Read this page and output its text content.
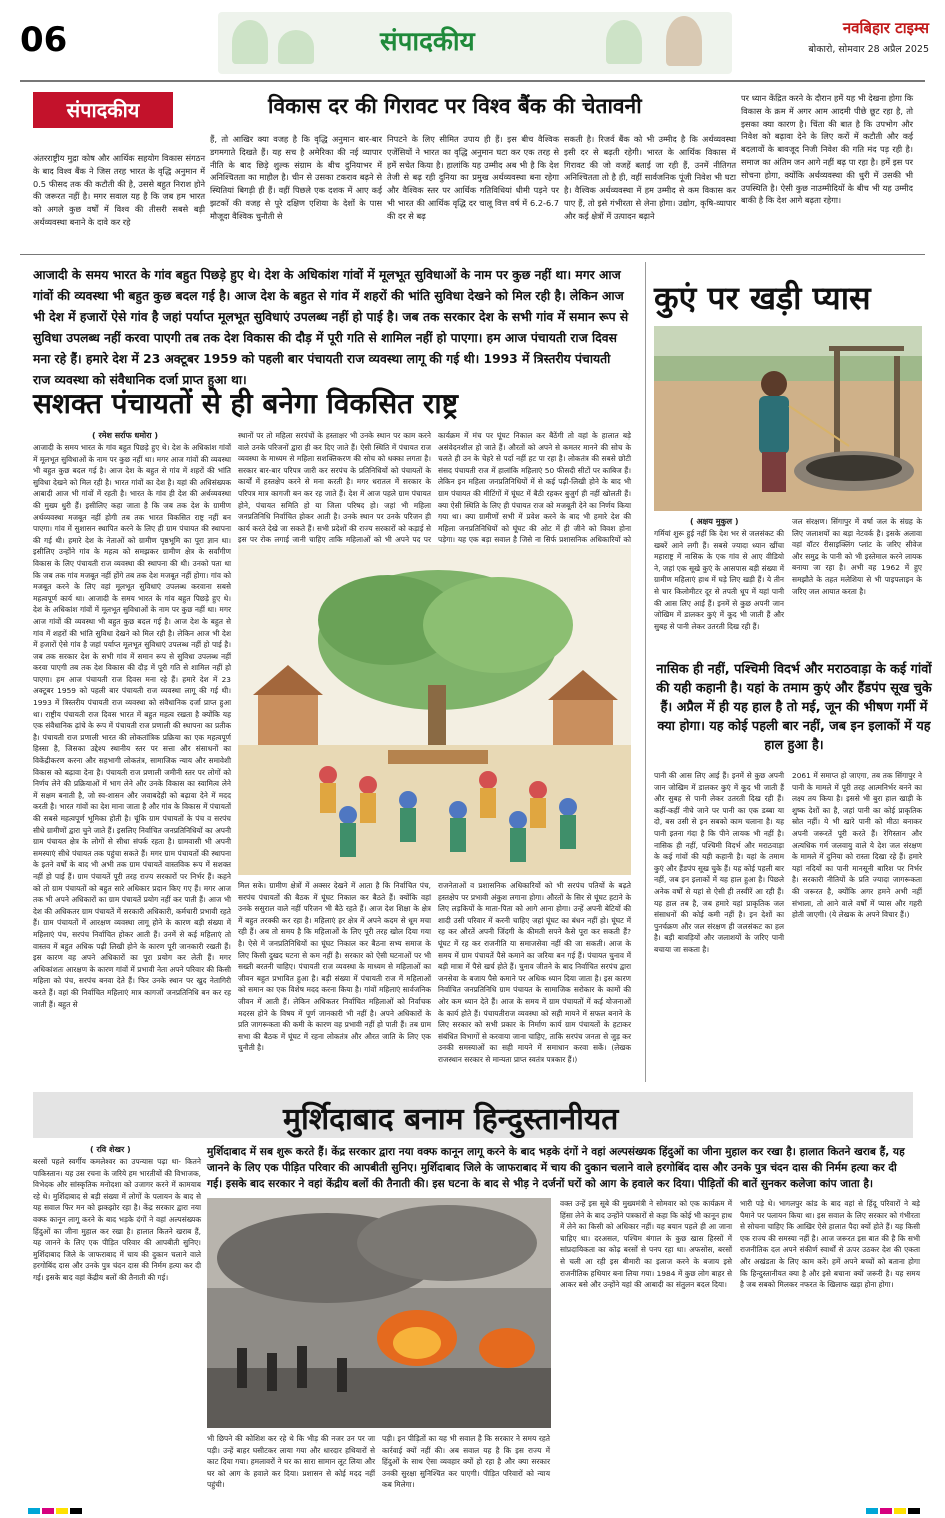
06	संपादकीय	नवबिहार टाइम्स
बोकारो, सोमवार 28 अप्रैल 2025
संपादकीय	विकास दर की गिरावट पर विश्व बैंक की चेतावनी
अंतरराष्ट्रीय मुद्रा कोष और आर्थिक सहयोग विकास संगठन के बाद विश्व बैंक ने जिस तरह भारत के वृद्धि अनुमान में 0.5 फीसद तक की कटौती की है, उससे बहुत निराश होने की जरूरत नहीं है। मगर सवाल यह है कि जब हम भारत को अगले कुछ वर्षों में विश्व की तीसरी सबसे बड़ी अर्थव्यवस्था बनाने के दावे कर रहे
हैं, तो आखिर क्या वजह है कि वृद्धि अनुमान बार-बार डगमगाते दिखते हैं। यह सच है अमेरिका की नई व्यापार नीति के बाद छिड़े शुल्क संग्राम के बीच दुनियाभर में अनिश्चितता का माहौल है। चीन से उसका टकराव बढ़ने से स्थितियां बिगड़ी ही हैं। वहीं पिछले एक दशक में आए कई झटकों की वजह से पूरे दक्षिण एशिया के देशों के पास मौजूदा वैश्विक चुनौती से
निपटने के लिए सीमित उपाय ही हैं। इस बीच वैश्विक एजेंसियों ने भारत का वृद्धि अनुमान घटा कर एक तरह से हमें सचेत किया है। हालांकि यह उम्मीद अब भी है कि देश तेजी से बढ़ रही दुनिया का प्रमुख अर्थव्यवस्था बना रहेगा और वैश्विक स्तर पर आर्थिक गतिविधियां धीमी पड़ने पर भी भारत की आर्थिक वृद्धि दर चालू वित्त वर्ष में 6.2-6.7 की दर से बढ़
सकती है। रिजर्व बैंक को भी उम्मीद है कि अर्थव्यवस्था इसी दर से बढ़ती रहेगी। भारत के आर्थिक विकास में गिरावट की जो वजहें बताई जा रही हैं, उनमें नीतिगत अनिश्चितता तो है ही, वहीं सार्वजनिक पूंजी निवेश भी घटा है। वैश्विक अर्थव्यवस्था में हम उम्मीद से कम विकास कर पाए हैं, तो इसे गंभीरता से लेना होगा। उद्योग, कृषि-व्यापार और कई क्षेत्रों में उत्पादन बढ़ाने
पर ध्यान केंद्रित करने के दौरान हमें यह भी देखना होगा कि विकास के क्रम में अगर आम आदमी पीछे छूट रहा है, तो इसका क्या कारण है। चिंता की बात है कि उपभोग और निवेश को बढ़ावा देने के लिए करों में कटौती और कई बदलावों के बावजूद निजी निवेश की गति मंद पड़ रही है। समाज का अंतिम जन आगे नहीं बढ़ पा रहा है। हमें इस पर सोचना होगा, क्योंकि अर्थव्यवस्था की धुरी में उसकी भी उपस्थिति है। ऐसी कुछ नाउम्मीदियों के बीच भी यह उम्मीद बाकी है कि देश आगे बढ़ता रहेगा।
आजादी के समय भारत के गांव बहुत पिछड़े हुए थे। देश के अधिकांश गांवों में मूलभूत सुविधाओं के नाम पर कुछ नहीं था। मगर आज गांवों की व्यवस्था भी बहुत कुछ बदल गई है। आज देश के बहुत से गांव में शहरों की भांति सुविधा देखने को मिल रही है। लेकिन आज भी देश में हजारों ऐसे गांव है जहां पर्याप्त मूलभूत सुविधाएं उपलब्ध नहीं हो पाई है। जब तक सरकार देश के सभी गांव में समान रूप से सुविधा उपलब्ध नहीं करवा पाएगी तब तक देश विकास की दौड़ में पूरी गति से शामिल नहीं हो पाएगा। हम आज पंचायती राज दिवस मना रहे हैं। हमारे देश में 23 अक्टूबर 1959 को पहली बार पंचायती राज व्यवस्था लागू की गई थी। 1993 में त्रिस्तरीय पंचायती राज व्यवस्था को संवैधानिक दर्जा प्राप्त हुआ था।
सशक्त पंचायतों से ही बनेगा विकसित राष्ट्र
( रमेश सर्राफ धमोरा )
आजादी के समय भारत के गांव बहुत पिछड़े हुए थे। देश के अधिकांश गांवों में मूलभूत सुविधाओं के नाम पर कुछ नहीं था। मगर आज गांवों की व्यवस्था भी बहुत कुछ बदल गई है। आज देश के बहुत से गांव में शहरों की भांति सुविधा देखने को मिल रही है। भारत गांवों का देश है। यहां की अधिसंख्यक आबादी आज भी गांवों में रहती है। भारत के गांव ही देश की अर्थव्यवस्था की मुख्य धुरी हैं। इसीलिए कहा जाता है कि जब तक देश के ग्रामीण अर्थव्यवस्था मजबूत नहीं होगी तब तक भारत विकसित राष्ट्र नहीं बन पाएगा। गांव में सुशासन स्थापित करने के लिए ही ग्राम पंचायत की स्थापना की गई थी। हमारे देश के नेताओं को ग्रामीण पृष्ठभूमि का पूरा ज्ञान था। इसीलिए उन्होंने गांव के महत्व को समझकर ग्रामीण क्षेत्र के सर्वांगीण विकास के लिए पंचायती राज व्यवस्था की स्थापना की थी। उनको पता था कि जब तक गांव मजबूत नहीं होंगे तब तक देश मजबूत नहीं होगा। गांव को मजबूत करने के लिए वहां मूलभूत सुविधाएं उपलब्ध करवाना सबसे महत्वपूर्ण कार्य था। आजादी के समय भारत के गांव बहुत पिछड़े हुए थे। देश के अधिकांश गांवों में मूलभूत सुविधाओं के नाम पर कुछ नहीं था। मगर आज गांवों की व्यवस्था भी बहुत कुछ बदल गई है। आज देश के बहुत से गांव में शहरों की भांति सुविधा देखने को मिल रही है। लेकिन आज भी देश में हजारों ऐसे गांव है जहां पर्याप्त मूलभूत सुविधाएं उपलब्ध नहीं हो पाई है। जब तक सरकार देश के सभी गांव में समान रूप से सुविधा उपलब्ध नहीं करवा पाएगी तब तक देश विकास की दौड़ में पूरी गति से शामिल नहीं हो पाएगा। हम आज पंचायती राज दिवस मना रहे हैं। हमारे देश में 23 अक्टूबर 1959 को पहली बार पंचायती राज व्यवस्था लागू की गई थी। 1993 में त्रिस्तरीय पंचायती राज व्यवस्था को संवैधानिक दर्जा प्राप्त हुआ था। राष्ट्रीय पंचायती राज दिवस भारत में बहुत महत्व रखता है क्योंकि यह एक संवैधानिक ढ़ांचे के रूप में पंचायती राज प्रणाली की स्थापना का प्रतीक है। पंचायती राज प्रणाली भारत की लोकतांत्रिक प्रक्रिया का एक महत्वपूर्ण हिस्सा है, जिसका उद्देश्य स्थानीय स्तर पर सत्ता और संसाधनों का विकेंद्रीकरण करना और सहभागी लोकतंत्र, सामाजिक न्याय और समावेशी विकास को बढ़ावा देना है। पंचायती राज प्रणाली जमीनी स्तर पर लोगों को निर्णय लेने की प्रक्रियाओं में भाग लेने और उनके विकास का स्वामित्व लेने में सक्षम बनाती है, जो स्व-शासन और जवाबदेही को बढ़ावा देने में मदद करती है। भारत गांवों का देश माना जाता है और गांव के विकास में पंचायतों की सबसे महत्वपूर्ण भूमिका होती है। चूंकि ग्राम पंचायतों के पंच व सरपंच सीधे ग्रामीणों द्वारा चुने जाते हैं। इसलिए निर्वाचित जनप्रतिनिधियों का अपनी ग्राम पंचायत क्षेत्र के लोगों से सीधा संपर्क रहता है। ग्रामवासी भी अपनी समस्याएं सीधे पंचायत तक पहुंचा सकते हैं। मगर ग्राम पंचायतों की स्थापना के इतने वर्षों के बाद भी अभी तक ग्राम पंचायतें वास्तविक रूप में सशक्त नहीं हो पाई हैं। ग्राम पंचायतें पूरी तरह राज्य सरकारों पर निर्भर हैं। कहने को तो ग्राम पंचायतों को बहुत सारे अधिकार प्रदान किए गए हैं। मगर आज तक भी अपने अधिकारों का ग्राम पंचायतें प्रयोग नहीं कर पाती हैं। आज भी देश की अधिकतर ग्राम पंचायतें में सरकारी अधिकारी, कर्मचारी प्रभावी रहते हैं। ग्राम पंचायतों में आरक्षण व्यवस्था लागू होने के कारण बड़ी संख्या में महिलाएं पंच, सरपंच निर्वाचित होकर आती हैं। उनमें से कई महिलाएं तो वास्तव में बहुत अधिक पढ़ी लिखी होने के कारण पूरी जानकारी रखती हैं। इस कारण वह अपने अधिकारों का पूरा प्रयोग कर लेती हैं। मगर अधिकांशतः आरक्षण के कारण गांवों में प्रभावी नेता अपने परिवार की किसी महिला को पंच, सरपंच बनवा देते हैं। फिर उनके स्थान पर खुद नेतागिरी करते हैं। वहां की निर्वाचित महिलाएं मात्र कागजों जनप्रतिनिधि बन कर रह जाती हैं। बहुत से
स्थानों पर तो महिला सरपंचों के हस्ताक्षर भी उनके स्थान पर काम करने वाले उनके परिजनों द्वारा ही कर दिए जाते हैं। ऐसी स्थिति में पंचायत राज व्यवस्था के माध्यम से महिला सशक्तिकरण की सोच को धक्का लगता है। सरकार बार-बार परिपत्र जारी कर सरपंच के प्रतिनिधियों को पंचायतों के कार्यों में हस्तक्षेप करने से मना करती है। मगर धरातल में सरकार के परिपत्र मात्र कागजी बन कर रह जाते हैं। देश में आज पहले ग्राम पंचायत होने, पंचायत समिति हो या जिला परिषद हो। जहां भी महिला जनप्रतिनिधि निर्वाचित होकर आती है। उनके स्थान पर उनके परिजन ही कार्य करते देखे जा सकते हैं। सभी प्रदेशों की राज्य सरकारों को कड़ाई से इस पर रोक लगाई जानी चाहिए ताकि महिलाओं को भी अपने पद पर
कार्यक्रम में मंच पर घूंघट निकाल कर बैठेंगी तो वहां के हालात बड़े असंवेदनशील हो जाते हैं। औरतों को अपने से कमतर मानने की सोच के चलते ही उन के चेहरे से पर्दा नहीं हट पा रहा है। लोकतंत्र की सबसे छोटी संसद पंचायती राज में हालांकि महिलाएं 50 फीसदी सीटों पर काबिज हैं। लेकिन इन महिला जनप्रतिनिधियों में से कई पढ़ी-लिखी होने के बाद भी ग्राम पंचायत की मीटिंगों में घूंघट में बैठी रहकर बुजुर्ग ही नहीं खोलती हैं। क्या ऐसी स्थिति के लिए ही पंचायत राज को मजबूती देने का निर्णय किया गया था। क्या ग्रामीणों सभी में प्रवेश करने के बाद भी हमारे देश की महिला जनप्रतिनिधियों को घूंघट की ओट में ही जीने को विवश होना पड़ेगा। यह एक बड़ा सवाल है जिसे ना सिर्फ प्रशासनिक अधिकारियों को
मिल सके। ग्रामीण क्षेत्रों में अक्सर देखने में आता है कि निर्वाचित पंच, सरपंच पंचायतों की बैठक में घूंघट निकाल कर बैठते हैं। क्योंकि वहां उनके ससुराल वाले नहीं परिजन भी बैठे रहते हैं। आज देश शिक्षा के क्षेत्र में बहुत तरक्की कर रहा है। महिलाएं हर क्षेत्र में अपने कदम से धूम मचा रही हैं। अब तो समय है कि महिलाओं के लिए पूरी तरह खोल दिया गया है। ऐसे में जनप्रतिनिधियों का घूंघट निकाल कर बैठना सभ्य समाज के लिए किसी दुखद घटना से कम नहीं है। सरकार को ऐसी घटनाओं पर भी सख्ती बरतनी चाहिए। पंचायती राज व्यवस्था के माध्यम से महिलाओं का जीवन बहुत प्रभावित हुआ है। बड़ी संख्या में पंचायती राज में महिलाओं को समान का एक विशेष मदद करना किया है। गांवों महिलाएं सार्वजनिक जीवन में आती हैं। लेकिन अधिकतर निर्वाचित महिलाओं को निर्वाचक मदरस होने के विषय में पूर्ण जानकारी भी नहीं है। अपने अधिकारों के प्रति जागरूकता की कमी के कारण वह प्रभावी नहीं हो पाती हैं। तब ग्राम सभा की बैठक में घूंघट में रहना लोकतंत्र और औरत जाति के लिए एक चुनौती है।
राजनेताओं व प्रशासनिक अधिकारियों को भी सरपंच पतियों के बढ़ते हस्तक्षेप पर प्रभावी अंकुश लगाना होगा। औरतों के सिर से घूंघट हटाने के लिए लड़कियों के माता-पिता को आगे आना होगा। उन्हें अपनी बेटियों की शादी उसी परिवार में करनी चाहिए जहां घूंघट का बंधन नहीं हो। घूंघट में रह कर औरतें अपनी जिंदगी के कीमती सपने कैसे पूरा कर सकती हैं? घूंघट में रह कर राजनीति या समाजसेवा नहीं की जा सकती। आज के समय में ग्राम पंचायतें पैसे कमाने का जरिया बन गई हैं। पंचायत चुनाव में बड़ी मात्रा में पैसे खर्च होते हैं। चुनाव जीतने के बाद निर्वाचित सरपंच द्वारा जनसेवा के बजाय पैसे कमाने पर अधिक ध्यान दिया जाता है। इस कारण निर्वाचित जनप्रतिनिधि ग्राम पंचायत के सामाजिक सरोकार के कामों की ओर कम ध्यान देते हैं। आज के समय में ग्राम पंचायतों में कई योजनाओं के कार्य होते हैं। पंचायतीराज व्यवस्था को सही मायने में सफल बनाने के लिए सरकार को सभी प्रकार के निर्माण कार्य ग्राम पंचायतों के हटाकर संबंधित विभागों से करवाया जाना चाहिए, ताकि सरपंच जनता से जुड़ कर उनकी समस्याओं का सही मायने में समाधान करवा सकें। (लेखक राजस्थान सरकार से मान्यता प्राप्त स्वतंत्र पत्रकार हैं।)
कुएं पर खड़ी प्यास
( अक्षय मुकुल )
गर्मियां शुरू हुई नहीं कि देश भर से जलसंकट की खबरें आने लगी हैं। सबसे ज्यादा ध्यान खींचा महाराष्ट्र में नासिक के एक गांव से आए वीडियो ने, जहां एक सूखे कुएं के आसपास बड़ी संख्या में ग्रामीण महिलाएं हाथ में घड़े लिए खड़ी हैं। ये तीन से चार किलोमीटर दूर से तपती धूप में यहां पानी की आस लिए आई हैं। इनमें से कुछ अपनी जान जोखिम में डालकर कुएं में कूद भी जाती हैं और सुबह से पानी लेकर उतरती दिख रही हैं।
जल संरक्षण। सिंगापुर में वर्षा जल के संग्रह के लिए जलाशयों का बड़ा नेटवर्क है। इसके अलावा वहां वॉटर रीसाइक्लिंग प्लांट के जरिए सीवेज और समुद्र के पानी को भी इस्तेमाल करने लायक बनाया जा रहा है। अभी वह 1962 में हुए समझौते के तहत मलेशिया से भी पाइपलाइन के जरिए जल आयात करता है।
नासिक ही नहीं, पश्चिमी विदर्भ और मराठवाड़ा के कई गांवों की यही कहानी है। यहां के तमाम कुएं और हैंडपंप सूख चुके हैं। अप्रैल में ही यह हाल है तो मई, जून की भीषण गर्मी में क्या होगा। यह कोई पहली बार नहीं, जब इन इलाकों में यह हाल हुआ है।
पानी की आस लिए आई हैं। इनमें से कुछ अपनी जान जोखिम में डालकर कुएं में कूद भी जाती हैं और सुबह से पानी लेकर उतरती दिख रही हैं। कहीं-कहीं नीचे जाने पर पानी का एक डब्बा या दो, बस उसी से इन सबको काम चलाना है। यह पानी इतना गंदा है कि पीने लायक भी नहीं है। नासिक ही नहीं, पश्चिमी विदर्भ और मराठवाड़ा के कई गांवों की यही कहानी है। यहां के तमाम कुएं और हैंडपंप सूख चुके हैं। यह कोई पहली बार नहीं, जब इन इलाकों में यह हाल हुआ है। पिछले अनेक वर्षों से यहां से ऐसी ही तस्वीरें आ रही हैं। यह हाल तब है, जब हमारे यहां प्राकृतिक जल संसाधनों की कोई कमी नहीं है। इन देशों का पुनर्चक्रण और जल संरक्षण ही जलसंकट का हल है। बड़ी बावड़ियों और जलाशयों के जरिए पानी बचाया जा सकता है।
2061 में समाप्त हो जाएगा, तब तक सिंगापुर ने पानी के मामले में पूरी तरह आत्मनिर्भर बनने का लक्ष्य तय किया है। इससे भी बुरा हाल खाड़ी के शुष्क देशों का है, जहां पानी का कोई प्राकृतिक स्रोत नहीं। ये भी खारे पानी को मीठा बनाकर अपनी जरूरतें पूरी करते हैं। रेगिस्तान और अत्यधिक गर्म जलवायु वाले ये देश जल संरक्षण के मामले में दुनिया को रास्ता दिखा रहे हैं। हमारे यहां नदियों का पानी मानसूनी बारिश पर निर्भर है। सरकारी नीतियों के प्रति ज्यादा जागरूकता की जरूरत है, क्योंकि अगर हमने अभी नहीं संभाला, तो आने वाले वर्षों में प्यास और गहरी होती जाएगी। (ये लेखक के अपने विचार हैं।)
मुर्शिदाबाद बनाम हिन्दुस्तानीयत
( रवि शेखर )
बरसों पहले स्वर्गीय कमलेश्वर का उपन्यास पढ़ा था- कितने पाकिस्तान। यह उस रचना के जरिये हम भारतीयों की विभाजक, विभेदक और सांस्कृतिक मनोदशा को उजागर करने में कामयाब रहे थे। मुर्शिदाबाद से बड़ी संख्या में लोगों के पलायन के बाद से यह सवाल फिर मन को झकझोर रहा है। केंद्र सरकार द्वारा नया वक्फ कानून लागू करने के बाद भड़के दंगों ने वहां अल्पसंख्यक हिंदुओं का जीना मुहाल कर रखा है। हालात कितने खराब हैं, यह जानने के लिए एक पीड़ित परिवार की आपबीती सुनिए। मुर्शिदाबाद जिले के जाफराबाद में चाय की दुकान चलाने वाले हरगोबिंद दास और उनके पुत्र चंदन दास की निर्मम हत्या कर दी गई। इसके बाद वहां केंद्रीय बलों की तैनाती की गई।
मुर्शिदाबाद में सब शुरू करते हैं। केंद्र सरकार द्वारा नया वक्फ कानून लागू करने के बाद भड़के दंगों ने वहां अल्पसंख्यक हिंदुओं का जीना मुहाल कर रखा है। हालात कितने खराब हैं, यह जानने के लिए एक पीड़ित परिवार की आपबीती सुनिए। मुर्शिदाबाद जिले के जाफराबाद में चाय की दुकान चलाने वाले हरगोबिंद दास और उनके पुत्र चंदन दास की निर्मम हत्या कर दी गई। इसके बाद सरकार ने वहां केंद्रीय बलों की तैनाती की। इस घटना के बाद से भीड़ ने दर्जनों घरों को आग के हवाले कर दिया। पीड़ितों की बातें सुनकर कलेजा कांप जाता है।
भी छिपने की कोशिश कर रहे थे कि भीड़ की नजर उन पर जा पड़ी। उन्हें बाहर घसीटकर लाया गया और धारदार हथियारों से काट दिया गया। हमलावरों ने घर का सारा सामान लूट लिया और घर को आग के हवाले कर दिया। प्रशासन से कोई मदद नहीं पहुंची।
पड़ी। इन पीड़ितों का यह भी सवाल है कि सरकार ने समय रहते कार्रवाई क्यों नहीं की। अब सवाल यह है कि इस राज्य में हिंदुओं के साथ ऐसा व्यवहार क्यों हो रहा है और क्या सरकार उनकी सुरक्षा सुनिश्चित कर पाएगी। पीड़ित परिवारों को न्याय कब मिलेगा।
वक्त उन्हें इस सूबे की मुख्यमंत्री ने सोमवार को एक कार्यक्रम में हिंसा लेने के बाद उन्होंने पत्रकारों से कहा कि कोई भी कानून हाथ में लेने का किसी को अधिकार नहीं। यह बयान पहले ही आ जाना चाहिए था। दरअसल, पश्चिम बंगाल के कुछ खास हिस्सों में सांप्रदायिकता का कोढ़ बरसों से पनप रहा था। अफसोस, बरसों से चली आ रही इस बीमारी का इलाज करने के बजाय इसे राजनीतिक हथियार बना लिया गया। 1984 में कुछ लोग बाहर से आकर बसे और उन्होंने यहां की आबादी का संतुलन बदल दिया।
भारी पड़े थे। भागलपुर कांड के बाद वहां से हिंदू परिवारों ने बड़े पैमाने पर पलायन किया था। इस सवाल के लिए सरकार को गंभीरता से सोचना चाहिए कि आखिर ऐसे हालात पैदा क्यों होते हैं। यह किसी एक राज्य की समस्या नहीं है। आज जरूरत इस बात की है कि सभी राजनीतिक दल अपने संकीर्ण स्वार्थों से ऊपर उठकर देश की एकता और अखंडता के लिए काम करें। हमें अपने बच्चों को बताना होगा कि हिन्दुस्तानीयत क्या है और इसे बचाना क्यों जरूरी है। यह समय है जब सबको मिलकर नफरत के खिलाफ खड़ा होना होगा।
